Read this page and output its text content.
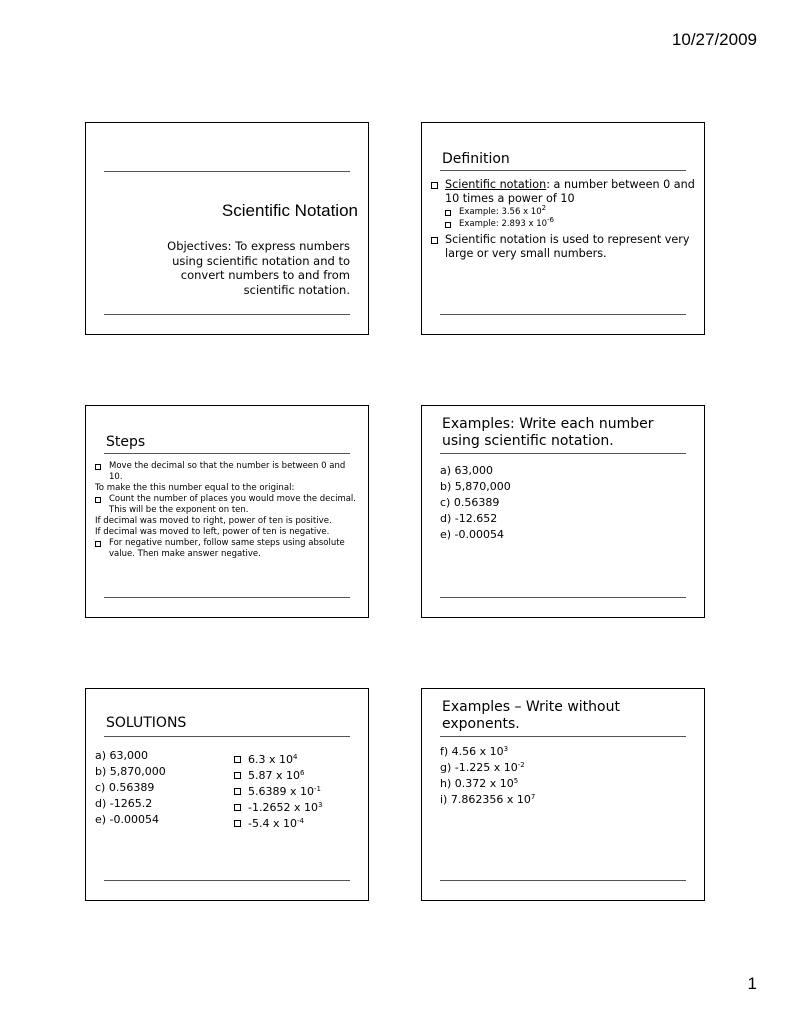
10/27/2009
Scientific Notation
Objectives: To express numbers using scientific notation and to convert numbers to and from scientific notation.
Definition
Scientific notation: a number between 0 and 10 times a power of 10
Example: 3.56 x $10^2$
Example: 2.893 x $10^{-6}$
Scientific notation is used to represent very large or very small numbers.
Steps
Move the decimal so that the number is between 0 and 10.
To make the this number equal to the original:
Count the number of places you would move the decimal. This will be the exponent on ten.
If decimal was moved to right, power of ten is positive.
If decimal was moved to left, power of ten is negative.
For negative number, follow same steps using absolute value. Then make answer negative.
Examples: Write each number using scientific notation.
a) 63,000
b) 5,870,000
c) 0.56389
d) -12.652
e) -0.00054
SOLUTIONS
a) 63,000
b) 5,870,000
c) 0.56389
d) -1265.2
e) -0.00054
6.3 x $10^4$
5.87 x $10^6$
5.6389 x $10^{-1}$
-1.2652 x $10^3$
-5.4 x $10^{-4}$
Examples – Write without exponents.
f) 4.56 x $10^3$
g) -1.225 x $10^{-2}$
h) 0.372 x $10^5$
i) 7.862356 x $10^7$
1
